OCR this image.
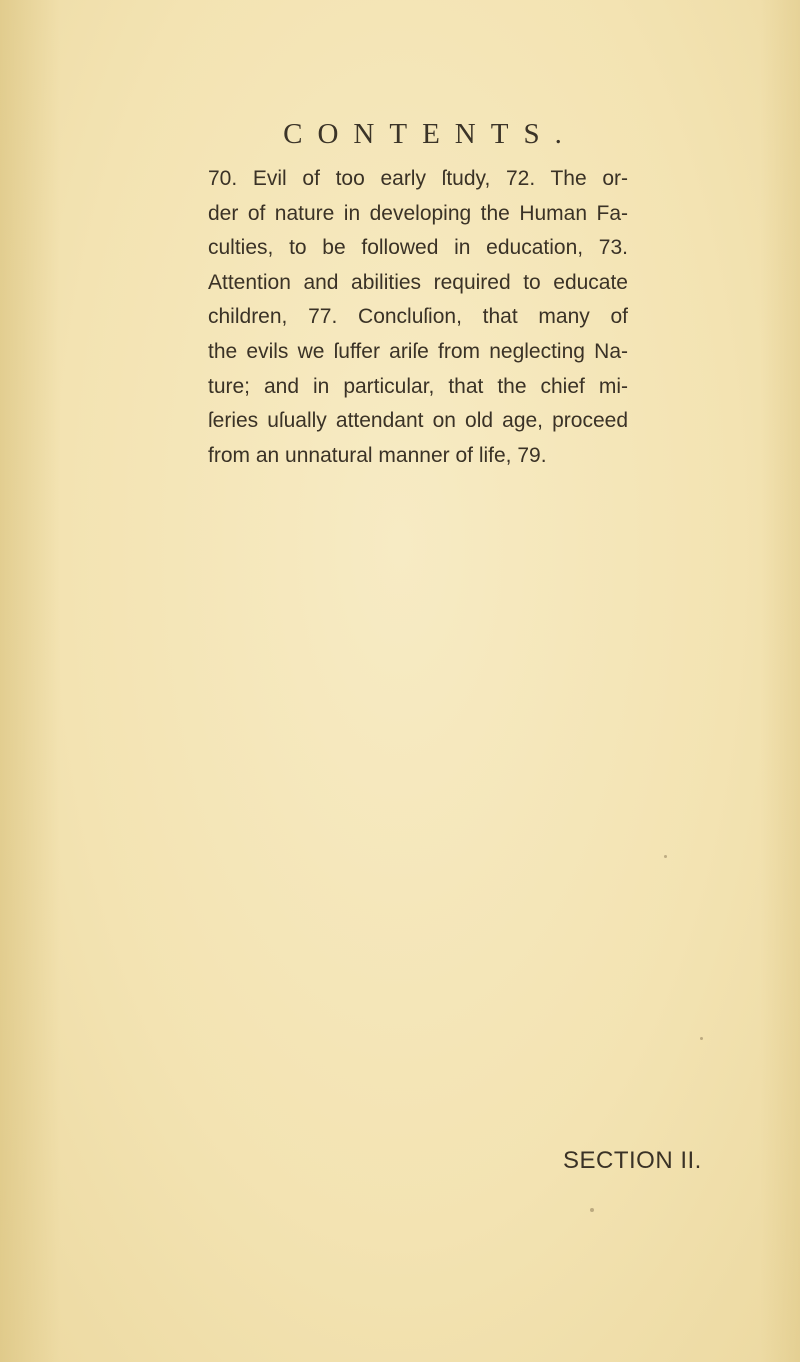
CONTENTS.
70. Evil of too early ſtudy, 72. The or-
der of nature in developing the Human Fa-
culties, to be followed in education, 73.
Attention and abilities required to educate
children, 77. Concluſion, that many of
the evils we ſuffer ariſe from neglecting Na-
ture; and in particular, that the chief mi-
ſeries uſually attendant on old age, proceed
from an unnatural manner of life, 79.
SECTION II.
